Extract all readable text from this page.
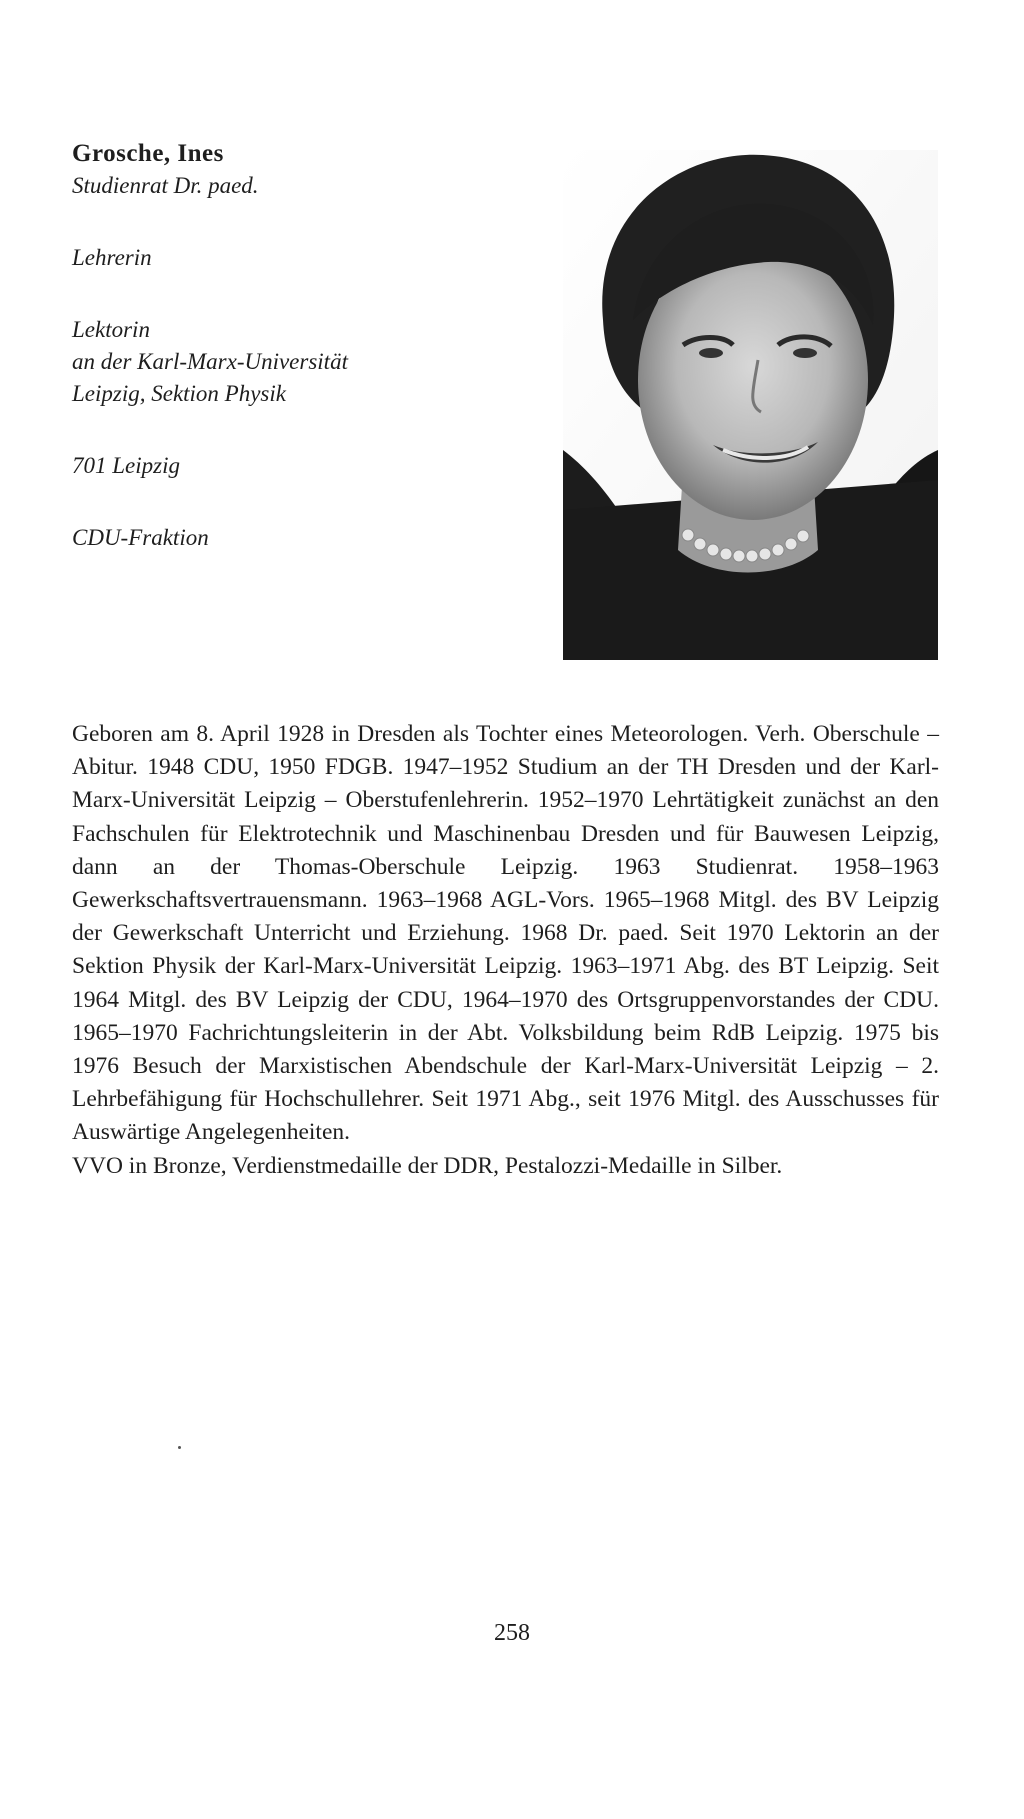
Grosche, Ines

Studienrat Dr. paed.

Lehrerin

Lektorin

an der Karl-Marx-Universität

Leipzig, Sektion Physik

701 Leipzig

CDU-Fraktion

Geboren am 8. April 1928 in Dresden als Tochter eines Meteorologen. Verh. Oberschule – Abitur. 1948 CDU, 1950 FDGB. 1947–1952 Studium an der TH Dresden und der Karl-Marx-Universität Leipzig – Oberstufenlehrerin. 1952–1970 Lehrtätigkeit zunächst an den Fachschulen für Elektrotechnik und Maschinenbau Dresden und für Bauwesen Leipzig, dann an der Thomas-Oberschule Leipzig. 1963 Studienrat. 1958–1963 Gewerkschaftsvertrauensmann. 1963–1968 AGL-Vors. 1965–1968 Mitgl. des BV Leipzig der Gewerkschaft Unterricht und Erziehung. 1968 Dr. paed. Seit 1970 Lektorin an der Sektion Physik der Karl-Marx-Universität Leipzig. 1963–1971 Abg. des BT Leipzig. Seit 1964 Mitgl. des BV Leipzig der CDU, 1964–1970 des Ortsgruppenvorstandes der CDU. 1965–1970 Fachrichtungsleiterin in der Abt. Volksbildung beim RdB Leipzig. 1975 bis 1976 Besuch der Marxistischen Abendschule der Karl-Marx-Universität Leipzig – 2. Lehrbefähigung für Hochschullehrer. Seit 1971 Abg., seit 1976 Mitgl. des Ausschusses für Auswärtige Angelegenheiten.

VVO in Bronze, Verdienstmedaille der DDR, Pestalozzi-Medaille in Silber.

258
